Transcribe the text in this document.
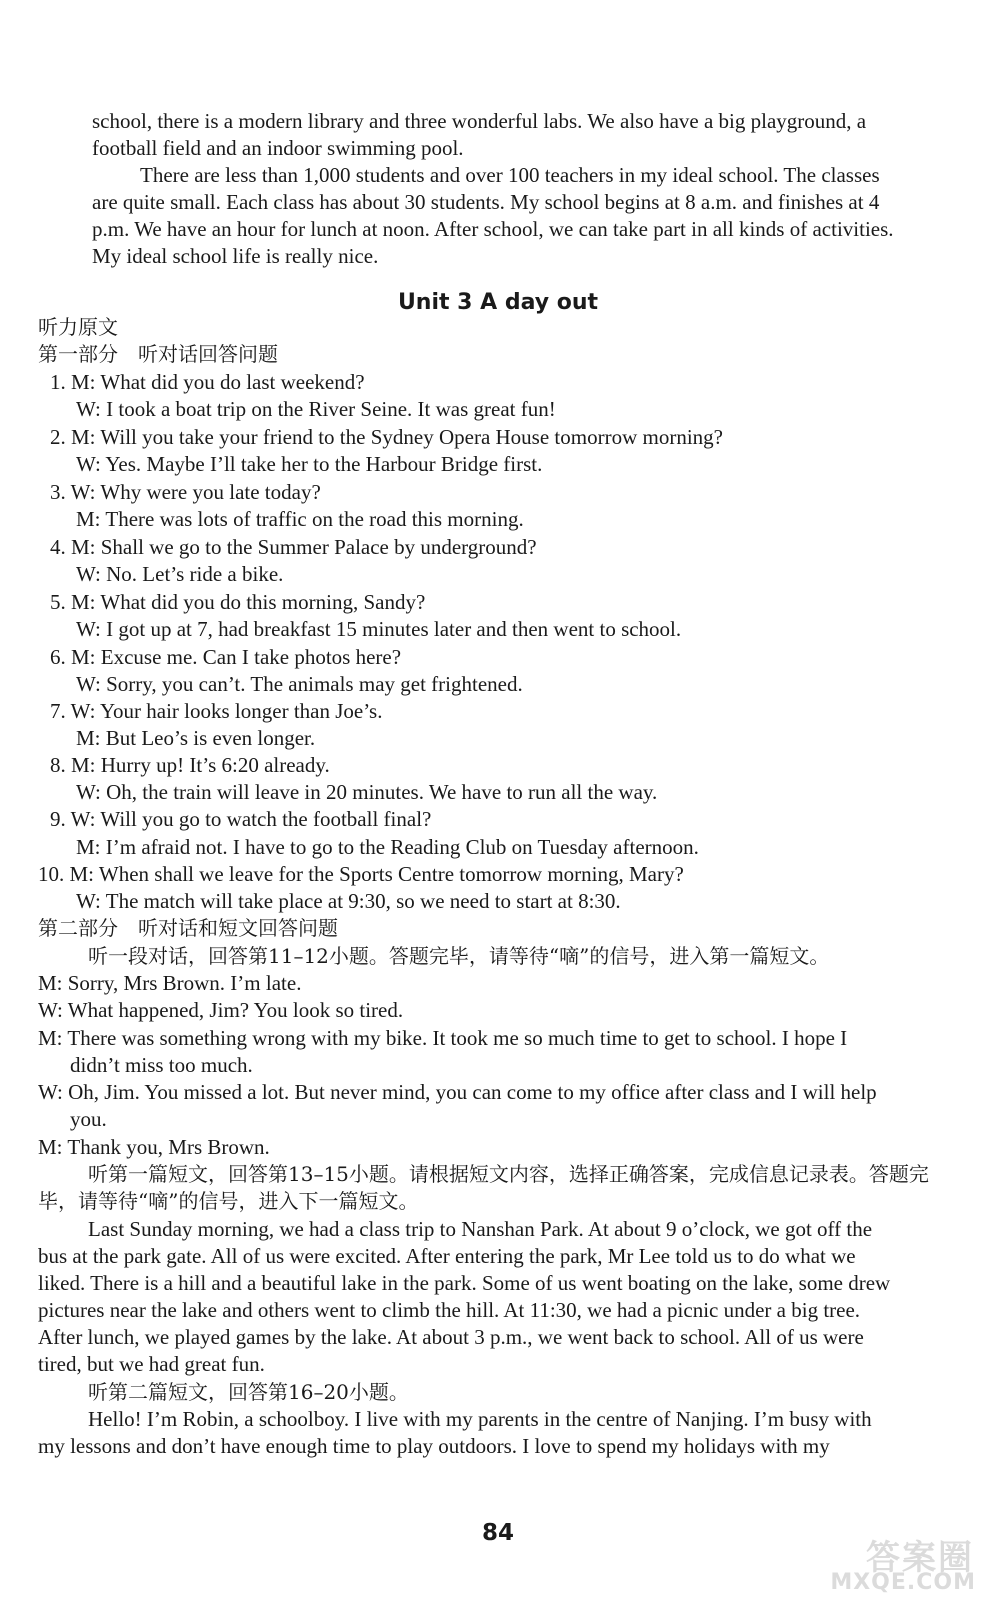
Unit 3 A day out
school, there is a modern library and three wonderful labs. We also have a big playground, a
football field and an indoor swimming pool.
There are less than 1,000 students and over 100 teachers in my ideal school. The classes
are quite small. Each class has about 30 students. My school begins at 8 a.m. and finishes at 4
p.m. We have an hour for lunch at noon. After school, we can take part in all kinds of activities.
My ideal school life is really nice.
听力原文
第一部分　听对话回答问题
1. M: What did you do last weekend?
W: I took a boat trip on the River Seine. It was great fun!
2. M: Will you take your friend to the Sydney Opera House tomorrow morning?
W: Yes. Maybe I’ll take her to the Harbour Bridge first.
3. W: Why were you late today?
M: There was lots of traffic on the road this morning.
4. M: Shall we go to the Summer Palace by underground?
W: No. Let’s ride a bike.
5. M: What did you do this morning, Sandy?
W: I got up at 7, had breakfast 15 minutes later and then went to school.
6. M: Excuse me. Can I take photos here?
W: Sorry, you can’t. The animals may get frightened.
7. W: Your hair looks longer than Joe’s.
M: But Leo’s is even longer.
8. M: Hurry up! It’s 6:20 already.
W: Oh, the train will leave in 20 minutes. We have to run all the way.
9. W: Will you go to watch the football final?
M: I’m afraid not. I have to go to the Reading Club on Tuesday afternoon.
10. M: When shall we leave for the Sports Centre tomorrow morning, Mary?
W: The match will take place at 9:30, so we need to start at 8:30.
第二部分　听对话和短文回答问题
听一段对话，回答第11–12小题。答题完毕，请等待“嘀”的信号，进入第一篇短文。
M: Sorry, Mrs Brown. I’m late.
W: What happened, Jim? You look so tired.
M: There was something wrong with my bike. It took me so much time to get to school. I hope I
didn’t miss too much.
W: Oh, Jim. You missed a lot. But never mind, you can come to my office after class and I will help
you.
M: Thank you, Mrs Brown.
听第一篇短文，回答第13–15小题。请根据短文内容，选择正确答案，完成信息记录表。答题完
毕，请等待“嘀”的信号，进入下一篇短文。
Last Sunday morning, we had a class trip to Nanshan Park. At about 9 o’clock, we got off the
bus at the park gate. All of us were excited. After entering the park, Mr Lee told us to do what we
liked. There is a hill and a beautiful lake in the park. Some of us went boating on the lake, some drew
pictures near the lake and others went to climb the hill. At 11:30, we had a picnic under a big tree.
After lunch, we played games by the lake. At about 3 p.m., we went back to school. All of us were
tired, but we had great fun.
听第二篇短文，回答第16–20小题。
Hello! I’m Robin, a schoolboy. I live with my parents in the centre of Nanjing. I’m busy with
my lessons and don’t have enough time to play outdoors. I love to spend my holidays with my
84
答案圈
MXQE.COM
